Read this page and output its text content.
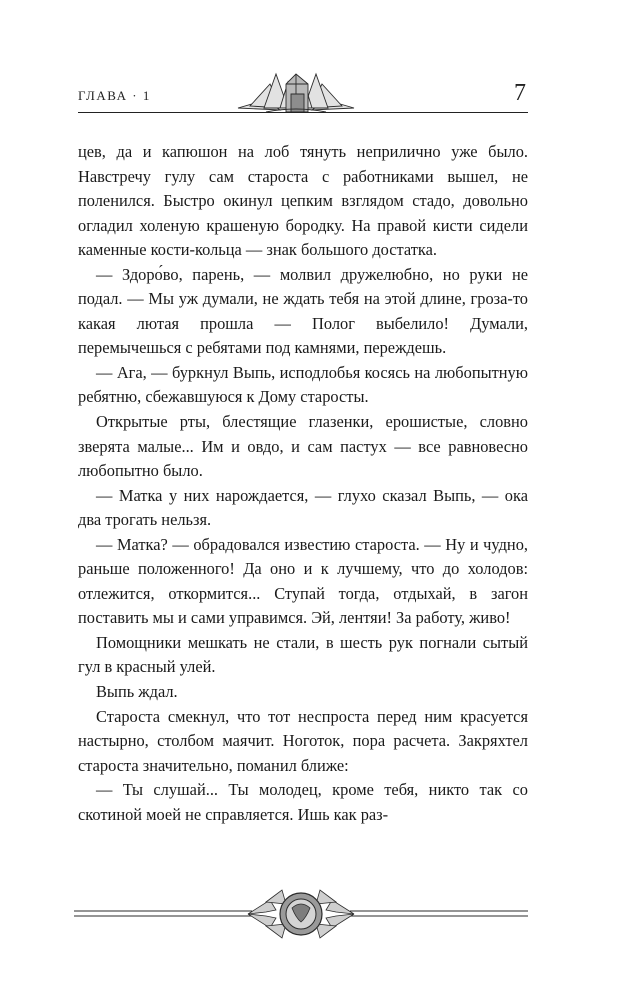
ГЛАВА · 1	7

цев, да и капюшон на лоб тянуть неприлично уже было. Навстречу гулу сам староста с работниками вышел, не поленился. Быстро окинул цепким взглядом стадо, довольно огладил холеную крашеную бородку. На правой кисти сидели каменные кости-кольца — знак большого достатка.

— Здоро́во, парень, — молвил дружелюбно, но руки не подал. — Мы уж думали, не ждать тебя на этой длине, гроза-то какая лютая прошла — Полог выбелило! Думали, перемычешься с ребятами под камнями, переждешь.

— Ага, — буркнул Выпь, исподлобья косясь на любопытную ребятню, сбежавшуюся к Дому старосты.

Открытые рты, блестящие глазенки, ерошистые, словно зверята малые... Им и овдо, и сам пастух — все равновесно любопытно было.

— Матка у них нарождается, — глухо сказал Выпь, — ока два трогать нельзя.

— Матка? — обрадовался известию староста. — Ну и чудно, раньше положенного! Да оно и к лучшему, что до холодов: отлежится, откормится... Ступай тогда, отдыхай, в загон поставить мы и сами управимся. Эй, лентяи! За работу, живо!

Помощники мешкать не стали, в шесть рук погнали сытый гул в красный улей.

Выпь ждал.

Староста смекнул, что тот неспроста перед ним красуется настырно, столбом маячит. Ноготок, пора расчета. Закряхтел староста значительно, поманил ближе:

— Ты слушай... Ты молодец, кроме тебя, никто так со скотиной моей не справляется. Ишь как раз-
